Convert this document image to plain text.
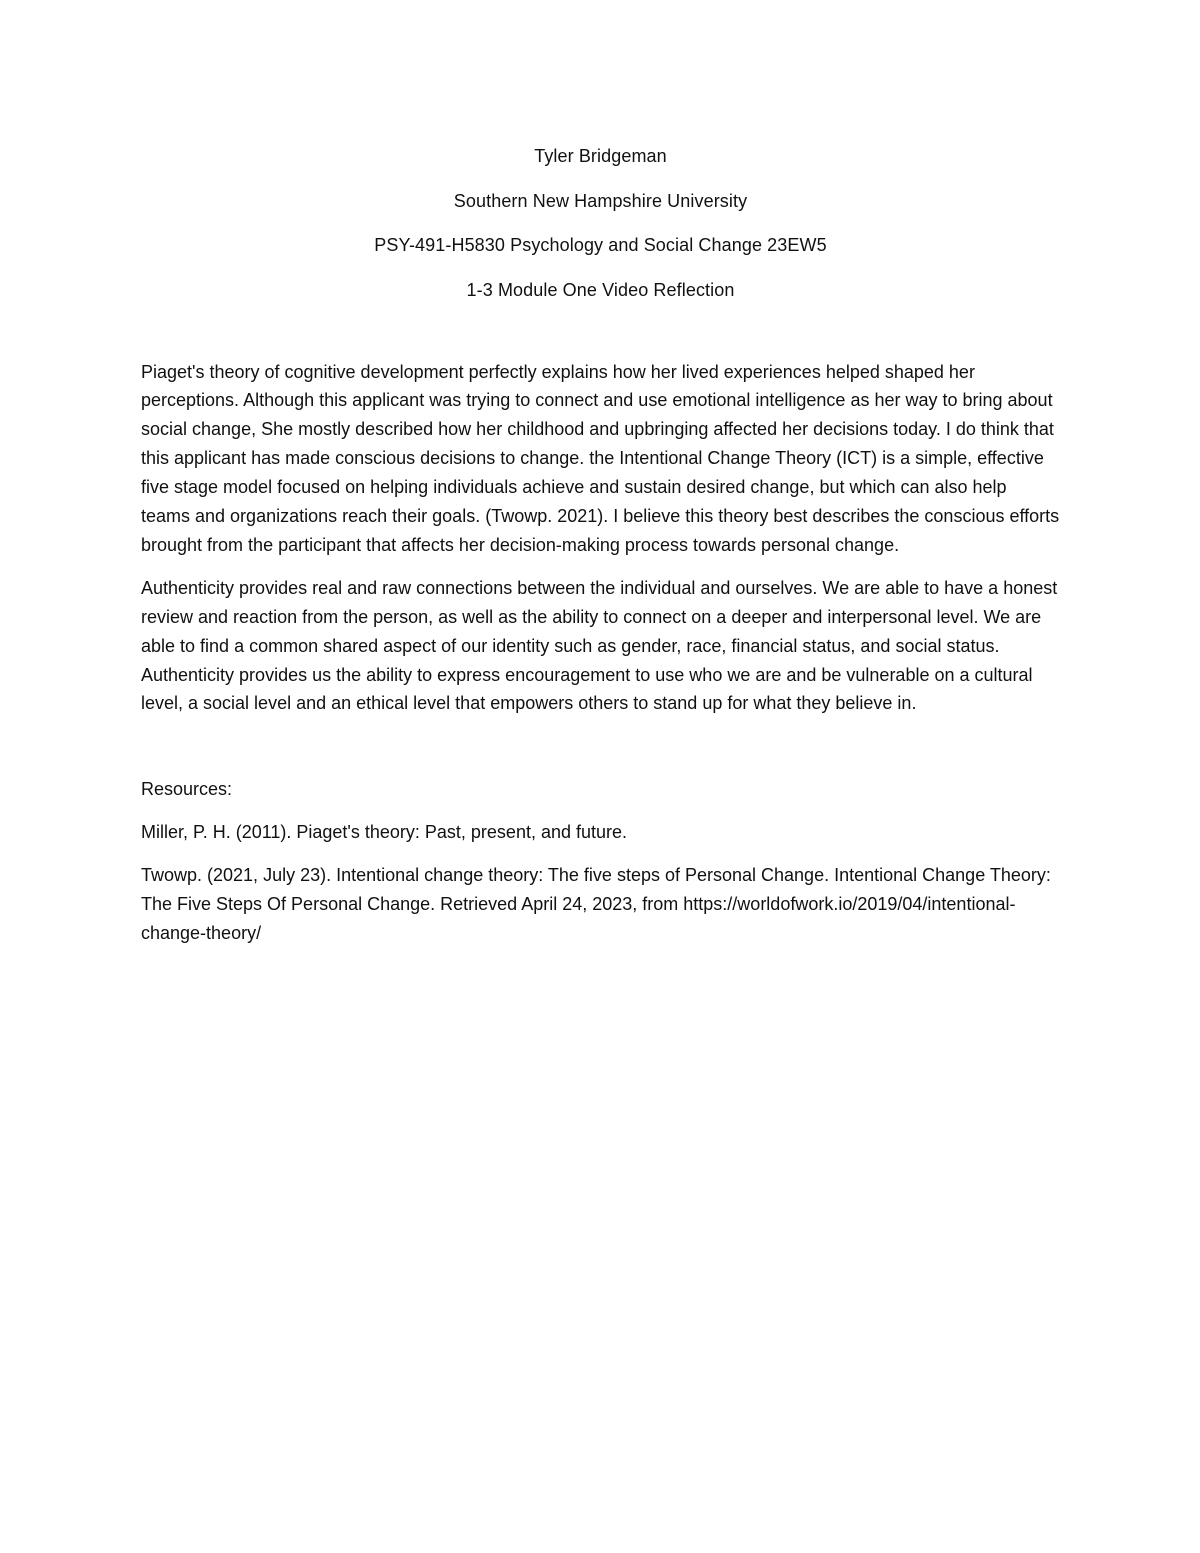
Tyler Bridgeman

Southern New Hampshire University

PSY-491-H5830 Psychology and Social Change 23EW5

1-3 Module One Video Reflection

Piaget's theory of cognitive development perfectly explains how her lived experiences helped shaped her perceptions. Although this applicant was trying to connect and use emotional intelligence as her way to bring about social change, She mostly described how her childhood and upbringing affected her decisions today. I do think that this applicant has made conscious decisions to change. the Intentional Change Theory (ICT) is a simple, effective five stage model focused on helping individuals achieve and sustain desired change, but which can also help teams and organizations reach their goals. (Twowp. 2021). I believe this theory best describes the conscious efforts brought from the participant that affects her decision-making process towards personal change.

Authenticity provides real and raw connections between the individual and ourselves. We are able to have a honest review and reaction from the person, as well as the ability to connect on a deeper and interpersonal level. We are able to find a common shared aspect of our identity such as gender, race, financial status, and social status. Authenticity provides us the ability to express encouragement to use who we are and be vulnerable on a cultural level, a social level and an ethical level that empowers others to stand up for what they believe in.

Resources:

Miller, P. H. (2011). Piaget's theory: Past, present, and future.

Twowp. (2021, July 23). Intentional change theory: The five steps of Personal Change. Intentional Change Theory: The Five Steps Of Personal Change. Retrieved April 24, 2023, from https://worldofwork.io/2019/04/intentional-change-theory/
